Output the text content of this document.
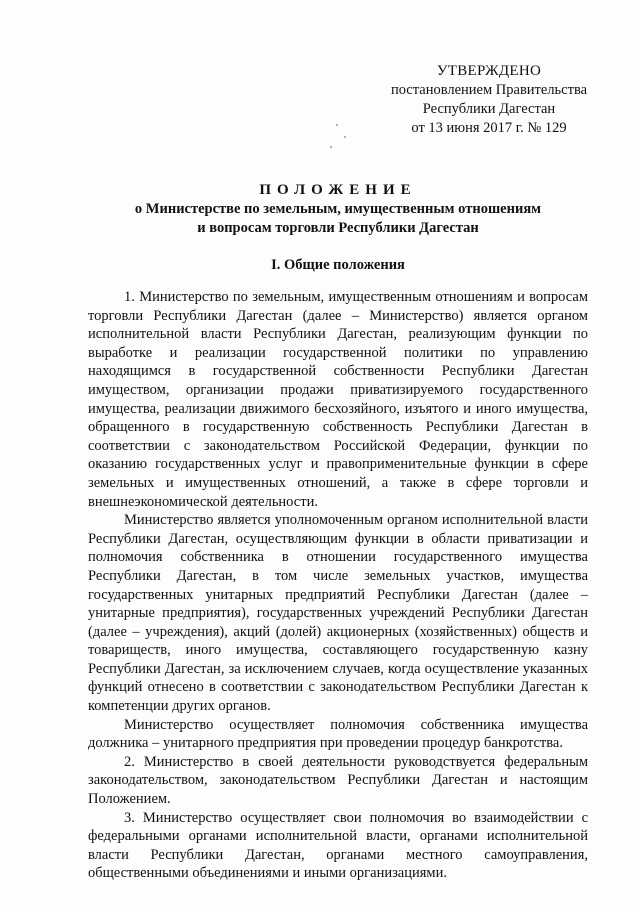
УТВЕРЖДЕНО
постановлением Правительства
Республики Дагестан
от 13 июня 2017 г. № 129
ПОЛОЖЕНИЕ
о Министерстве по земельным, имущественным отношениям
и вопросам торговли Республики Дагестан
I. Общие положения

1. Министерство по земельным, имущественным отношениям и вопросам торговли Республики Дагестан (далее – Министерство) является органом исполнительной власти Республики Дагестан, реализующим функции по выработке и реализации государственной политики по управлению находящимся в государственной собственности Республики Дагестан имуществом, организации продажи приватизируемого государственного имущества, реализации движимого бесхозяйного, изъятого и иного имущества, обращенного в государственную собственность Республики Дагестан в соответствии с законодательством Российской Федерации, функции по оказанию государственных услуг и правоприменительные функции в сфере земельных и имущественных отношений, а также в сфере торговли и внешнеэкономической деятельности.

Министерство является уполномоченным органом исполнительной власти Республики Дагестан, осуществляющим функции в области приватизации и полномочия собственника в отношении государственного имущества Республики Дагестан, в том числе земельных участков, имущества государственных унитарных предприятий Республики Дагестан (далее – унитарные предприятия), государственных учреждений Республики Дагестан (далее – учреждения), акций (долей) акционерных (хозяйственных) обществ и товариществ, иного имущества, составляющего государственную казну Республики Дагестан, за исключением случаев, когда осуществление указанных функций отнесено в соответствии с законодательством Республики Дагестан к компетенции других органов.

Министерство осуществляет полномочия собственника имущества должника – унитарного предприятия при проведении процедур банкротства.

2. Министерство в своей деятельности руководствуется федеральным законодательством, законодательством Республики Дагестан и настоящим Положением.

3. Министерство осуществляет свои полномочия во взаимодействии с федеральными органами исполнительной власти, органами исполнительной власти Республики Дагестан, органами местного самоуправления, общественными объединениями и иными организациями.
